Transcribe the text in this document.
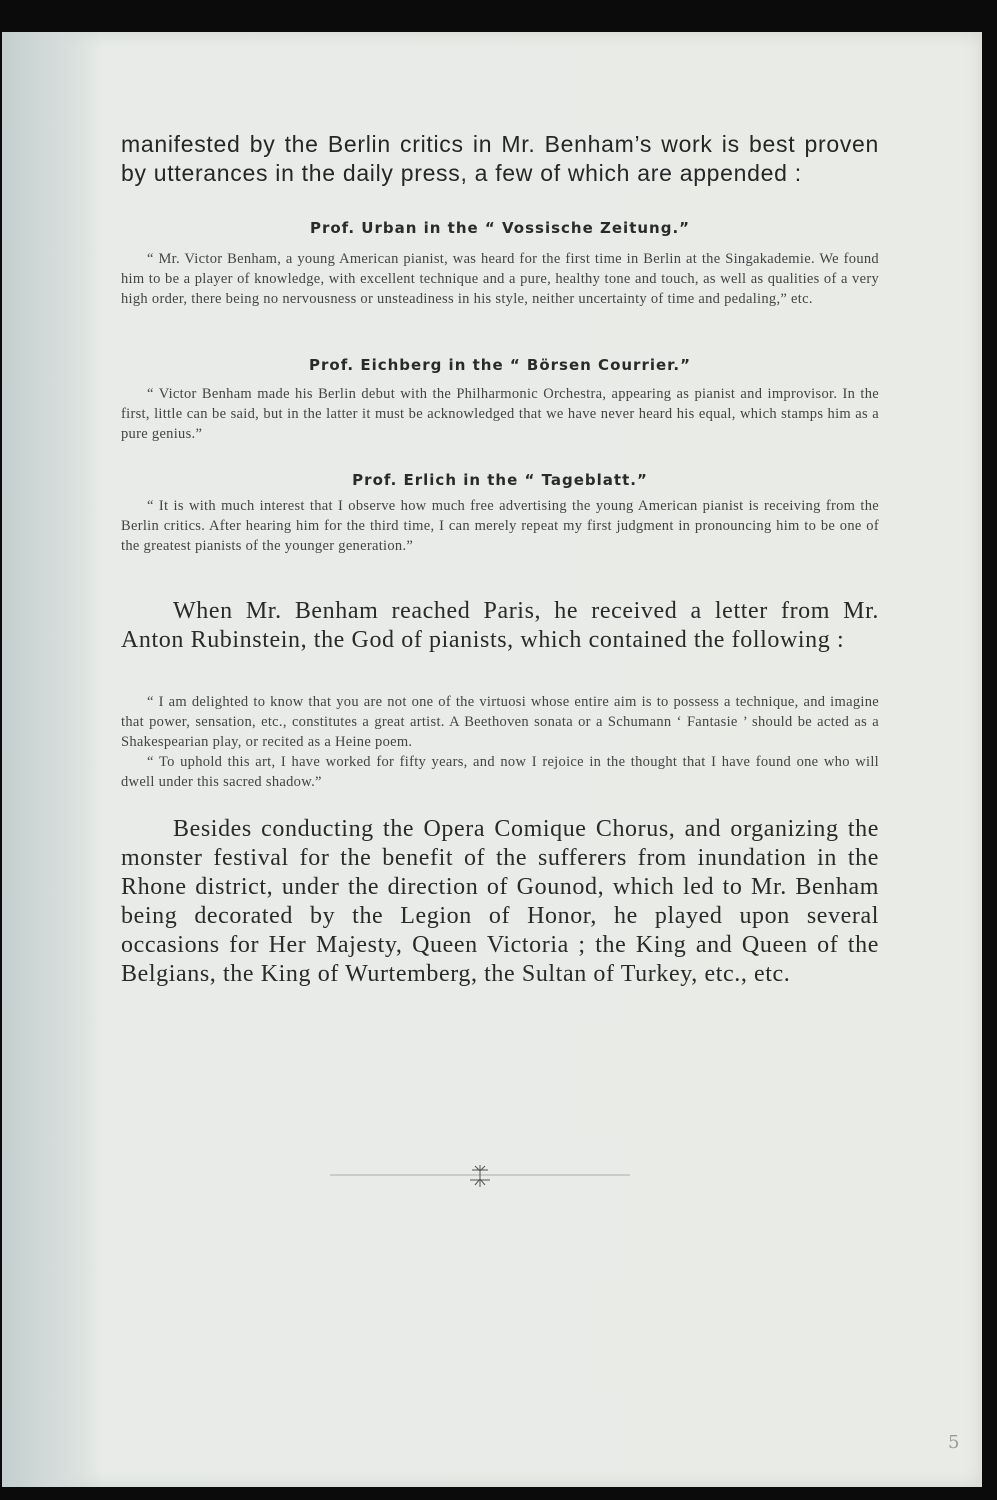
manifested by the Berlin critics in Mr. Benham’s work is best proven by utterances in the daily press, a few of which are appended :
Prof. Urban in the “ Vossische Zeitung.”

“ Mr. Victor Benham, a young American pianist, was heard for the first time in Berlin at the Singakademie. We found him to be a player of knowledge, with excellent technique and a pure, healthy tone and touch, as well as qualities of a very high order, there being no nervousness or unsteadiness in his style, neither uncertainty of time and pedaling,” etc.

Prof. Eichberg in the “ Börsen Courrier.”

“ Victor Benham made his Berlin debut with the Philharmonic Orchestra, appearing as pianist and improvisor. In the first, little can be said, but in the latter it must be acknowledged that we have never heard his equal, which stamps him as a pure genius.”

Prof. Erlich in the “ Tageblatt.”

“ It is with much interest that I observe how much free advertising the young American pianist is receiving from the Berlin critics. After hearing him for the third time, I can merely repeat my first judgment in pronouncing him to be one of the greatest pianists of the younger generation.”

When Mr. Benham reached Paris, he received a letter from Mr. Anton Rubinstein, the God of pianists, which contained the following :

“ I am delighted to know that you are not one of the virtuosi whose entire aim is to possess a technique, and imagine that power, sensation, etc., constitutes a great artist. A Beethoven sonata or a Schumann ‘ Fantasie ’ should be acted as a Shakespearian play, or recited as a Heine poem.

“ To uphold this art, I have worked for fifty years, and now I rejoice in the thought that I have found one who will dwell under this sacred shadow.”

Besides conducting the Opera Comique Chorus, and organizing the monster festival for the benefit of the sufferers from inundation in the Rhone district, under the direction of Gounod, which led to Mr. Benham being decorated by the Legion of Honor, he played upon several occasions for Her Majesty, Queen Victoria ; the King and Queen of the Belgians, the King of Wurtemberg, the Sultan of Turkey, etc., etc.

5
